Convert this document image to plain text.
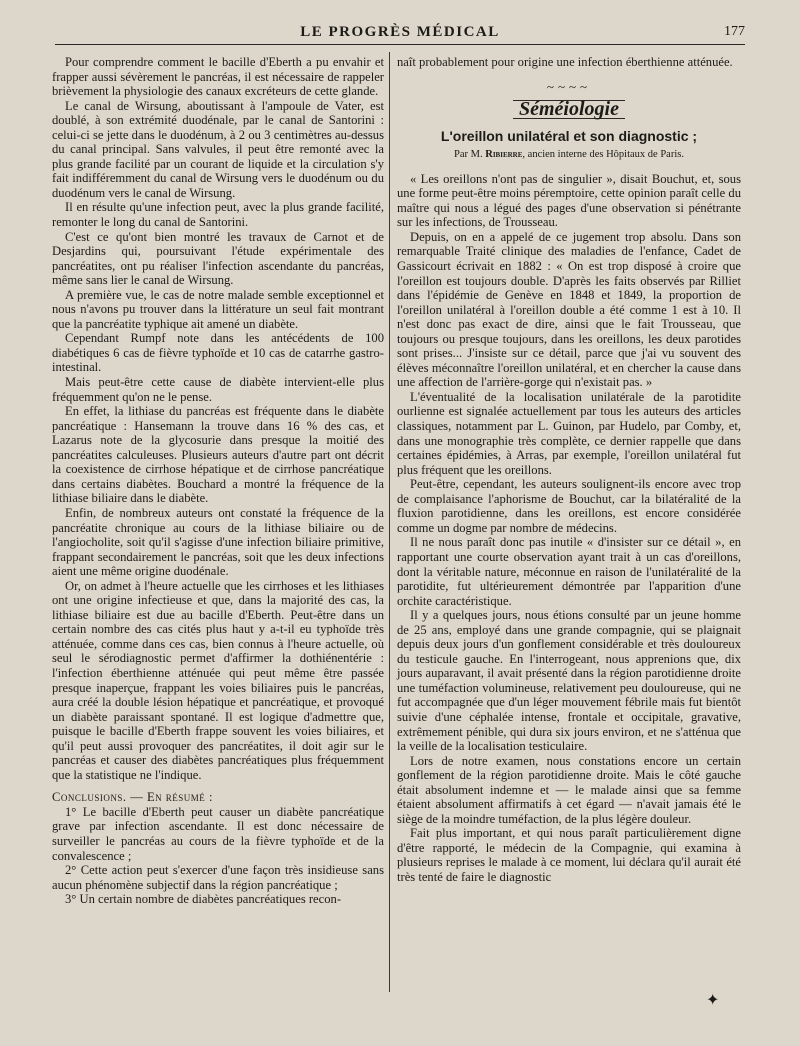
LE PROGRÈS MÉDICAL	177

Pour comprendre comment le bacille d'Eberth a pu envahir et frapper aussi sévèrement le pancréas, il est nécessaire de rappeler brièvement la physiologie des canaux excréteurs de cette glande.

Le canal de Wirsung, aboutissant à l'ampoule de Vater, est doublé, à son extrémité duodénale, par le canal de Santorini : celui-ci se jette dans le duodénum, à 2 ou 3 centimètres au-dessus du canal principal. Sans valvules, il peut être remonté avec la plus grande facilité par un courant de liquide et la circulation s'y fait indifféremment du canal de Wirsung vers le duodénum ou du duodénum vers le canal de Wirsung.

Il en résulte qu'une infection peut, avec la plus grande facilité, remonter le long du canal de Santorini.

C'est ce qu'ont bien montré les travaux de Carnot et de Desjardins qui, poursuivant l'étude expérimentale des pancréatites, ont pu réaliser l'infection ascendante du pancréas, même sans lier le canal de Wirsung.

A première vue, le cas de notre malade semble exceptionnel et nous n'avons pu trouver dans la littérature un seul fait montrant que la pancréatite typhique ait amené un diabète.

Cependant Rumpf note dans les antécédents de 100 diabétiques 6 cas de fièvre typhoïde et 10 cas de catarrhe gastro-intestinal.

Mais peut-être cette cause de diabète intervient-elle plus fréquemment qu'on ne le pense.

En effet, la lithiase du pancréas est fréquente dans le diabète pancréatique : Hansemann la trouve dans 16 % des cas, et Lazarus note de la glycosurie dans presque la moitié des pancréatites calculeuses. Plusieurs auteurs d'autre part ont décrit la coexistence de cirrhose hépatique et de cirrhose pancréatique dans certains diabètes. Bouchard a montré la fréquence de la lithiase biliaire dans le diabète.

Enfin, de nombreux auteurs ont constaté la fréquence de la pancréatite chronique au cours de la lithiase biliaire ou de l'angiocholite, soit qu'il s'agisse d'une infection biliaire primitive, frappant secondairement le pancréas, soit que les deux infections aient une même origine duodénale.

Or, on admet à l'heure actuelle que les cirrhoses et les lithiases ont une origine infectieuse et que, dans la majorité des cas, la lithiase biliaire est due au bacille d'Eberth. Peut-être dans un certain nombre des cas cités plus haut y a-t-il eu typhoïde très atténuée, comme dans ces cas, bien connus à l'heure actuelle, où seul le sérodiagnostic permet d'affirmer la dothiénentérie : l'infection éberthienne atténuée qui peut même être passée presque inaperçue, frappant les voies biliaires puis le pancréas, aura créé la double lésion hépatique et pancréatique, et provoqué un diabète paraissant spontané. Il est logique d'admettre que, puisque le bacille d'Eberth frappe souvent les voies biliaires, et qu'il peut aussi provoquer des pancréatites, il doit agir sur le pancréas et causer des diabètes pancréatiques plus fréquemment que la statistique ne l'indique.

Conclusions. — En résumé :

1° Le bacille d'Eberth peut causer un diabète pancréatique grave par infection ascendante. Il est donc nécessaire de surveiller le pancréas au cours de la fièvre typhoïde et de la convalescence ;

2° Cette action peut s'exercer d'une façon très insidieuse sans aucun phénomène subjectif dans la région pancréatique ;

3° Un certain nombre de diabètes pancréatiques recon-

naît probablement pour origine une infection éberthienne atténuée.

~~~~
Séméiologie
L'oreillon unilatéral et son diagnostic ;
Par M. Ribierre, ancien interne des Hôpitaux de Paris.

« Les oreillons n'ont pas de singulier », disait Bouchut, et, sous une forme peut-être moins péremptoire, cette opinion paraît celle du maître qui nous a légué des pages d'une observation si pénétrante sur les infections, de Trousseau.

Depuis, on en a appelé de ce jugement trop absolu. Dans son remarquable Traité clinique des maladies de l'enfance, Cadet de Gassicourt écrivait en 1882 : « On est trop disposé à croire que l'oreillon est toujours double. D'après les faits observés par Rilliet dans l'épidémie de Genève en 1848 et 1849, la proportion de l'oreillon unilatéral à l'oreillon double a été comme 1 est à 10. Il n'est donc pas exact de dire, ainsi que le fait Trousseau, que toujours ou presque toujours, dans les oreillons, les deux parotides sont prises... J'insiste sur ce détail, parce que j'ai vu souvent des élèves méconnaître l'oreillon unilatéral, et en chercher la cause dans une affection de l'arrière-gorge qui n'existait pas. »

L'éventualité de la localisation unilatérale de la parotidite ourlienne est signalée actuellement par tous les auteurs des articles classiques, notamment par L. Guinon, par Hudelo, par Comby, et, dans une monographie très complète, ce dernier rappelle que dans certaines épidémies, à Arras, par exemple, l'oreillon unilatéral fut plus fréquent que les oreillons.

Peut-être, cependant, les auteurs soulignent-ils encore avec trop de complaisance l'aphorisme de Bouchut, car la bilatéralité de la fluxion parotidienne, dans les oreillons, est encore considérée comme un dogme par nombre de médecins.

Il ne nous paraît donc pas inutile « d'insister sur ce détail », en rapportant une courte observation ayant trait à un cas d'oreillons, dont la véritable nature, méconnue en raison de l'unilatéralité de la parotidite, fut ultérieurement démontrée par l'apparition d'une orchite caractéristique.

Il y a quelques jours, nous étions consulté par un jeune homme de 25 ans, employé dans une grande compagnie, qui se plaignait depuis deux jours d'un gonflement considérable et très douloureux du testicule gauche. En l'interrogeant, nous apprenions que, dix jours auparavant, il avait présenté dans la région parotidienne droite une tuméfaction volumineuse, relativement peu douloureuse, qui ne fut accompagnée que d'un léger mouvement fébrile mais fut bientôt suivie d'une céphalée intense, frontale et occipitale, gravative, extrêmement pénible, qui dura six jours environ, et ne s'atténua que la veille de la localisation testiculaire.

Lors de notre examen, nous constations encore un certain gonflement de la région parotidienne droite. Mais le côté gauche était absolument indemne et — le malade ainsi que sa femme étaient absolument affirmatifs à cet égard — n'avait jamais été le siège de la moindre tuméfaction, de la plus légère douleur.

Fait plus important, et qui nous paraît particulièrement digne d'être rapporté, le médecin de la Compagnie, qui examina à plusieurs reprises le malade à ce moment, lui déclara qu'il aurait été très tenté de faire le diagnostic

✦
